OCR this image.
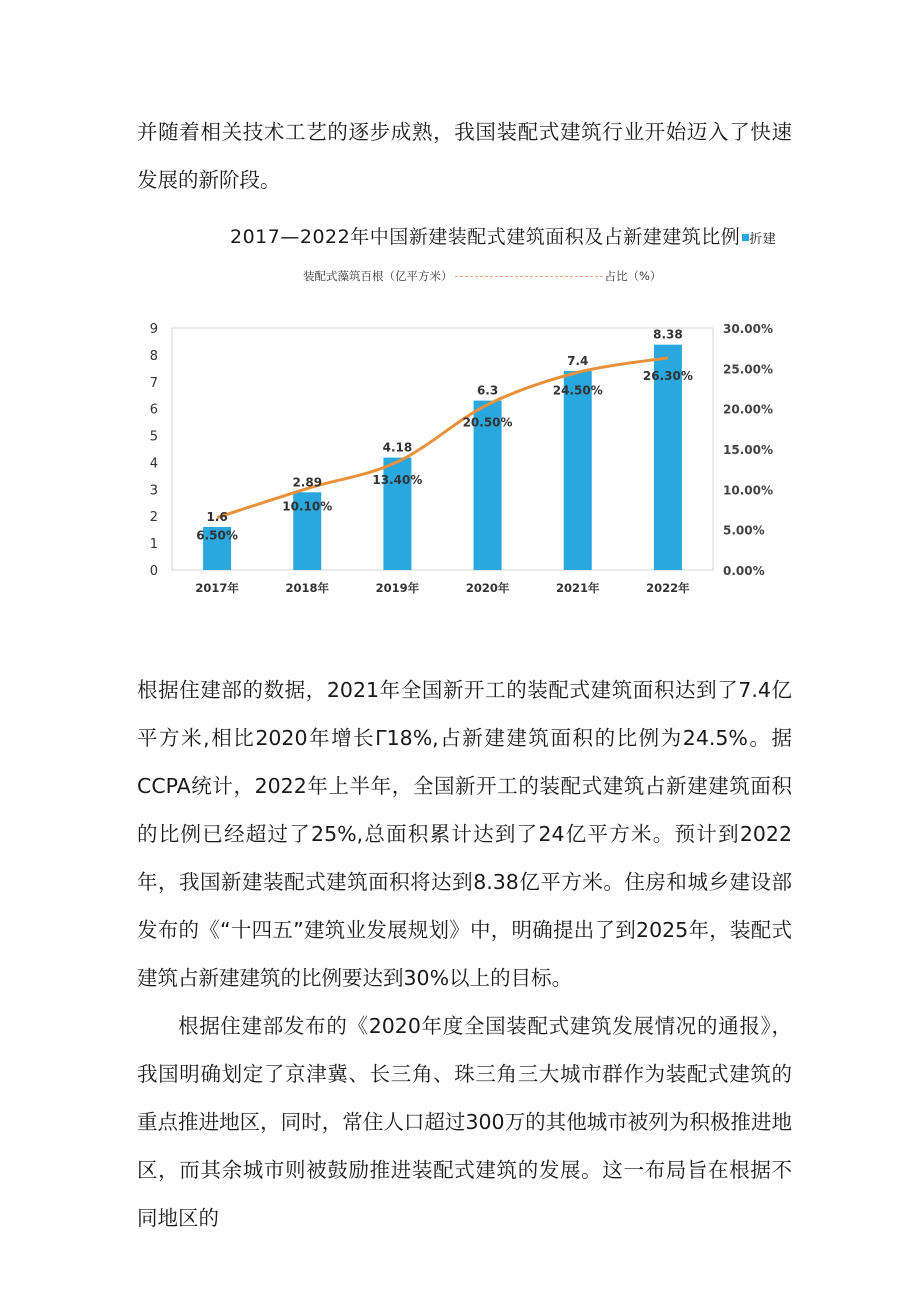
并随着相关技术工艺的逐步成熟，我国装配式建筑行业开始迈入了快速发展的新阶段。

2017—2022年中国新建装配式建筑面积及占新建建筑比例 折建
装配式藻筑百根（亿平方米）	占比（%）
0
1
2
3
4
5
6
7
8
9
0.00%
5.00%
10.00%
15.00%
20.00%
25.00%
30.00%
1.6
2.89
4.18
6.3
7.4
8.38
6.50%
10.10%
13.40%
20.50%
24.50%
26.30%
2017年	2018年	2019年	2020年	2021年	2022年

根据住建部的数据，2021年全国新开工的装配式建筑面积达到了7.4亿平方米,相比2020年增长Γ18%,占新建建筑面积的比例为24.5%。据CCPA统计，2022年上半年，全国新开工的装配式建筑占新建建筑面积的比例已经超过了25%,总面积累计达到了24亿平方米。预计到2022年，我国新建装配式建筑面积将达到8.38亿平方米。住房和城乡建设部发布的《“十四五”建筑业发展规划》中，明确提出了到2025年，装配式建筑占新建建筑的比例要达到30%以上的目标。

根据住建部发布的《2020年度全国装配式建筑发展情况的通报》，我国明确划定了京津冀、长三角、珠三角三大城市群作为装配式建筑的重点推进地区，同时，常住人口超过300万的其他城市被列为积极推进地区，而其余城市则被鼓励推进装配式建筑的发展。这一布局旨在根据不同地区的
